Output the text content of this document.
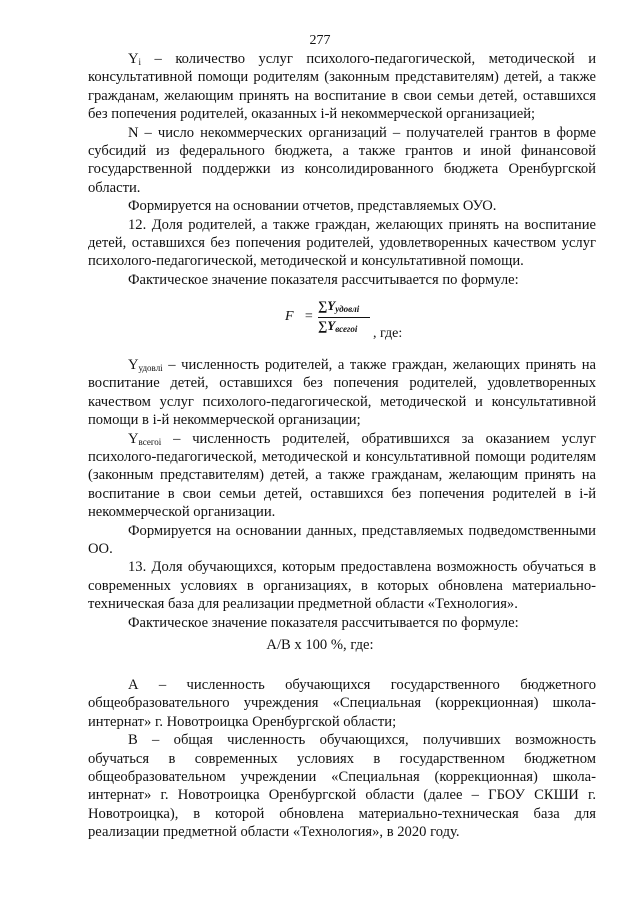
277

$Y_i$ – количество услуг психолого-педагогической, методической и консультативной помощи родителям (законным представителям) детей, а также гражданам, желающим принять на воспитание в свои семьи детей, оставшихся без попечения родителей, оказанных i-й некоммерческой организацией;

N – число некоммерческих организаций – получателей грантов в форме субсидий из федерального бюджета, а также грантов и иной финансовой государственной поддержки из консолидированного бюджета Оренбургской области.

Формируется на основании отчетов, представляемых ОУО.

12. Доля родителей, а также граждан, желающих принять на воспитание детей, оставшихся без попечения родителей, удовлетворенных качеством услуг психолого-педагогической, методической и консультативной помощи.

Фактическое значение показателя рассчитывается по формуле:

F =
$\sum Y_{удовлi}$
$\sum Y_{всегоi}$ , где:

$Y_{удовлi}$ – численность родителей, а также граждан, желающих принять на воспитание детей, оставшихся без попечения родителей, удовлетворенных качеством услуг психолого-педагогической, методической и консультативной помощи в i-й некоммерческой организации;

$Y_{всегоi}$ – численность родителей, обратившихся за оказанием услуг психолого-педагогической, методической и консультативной помощи родителям (законным представителям) детей, а также гражданам, желающим принять на воспитание в свои семьи детей, оставшихся без попечения родителей в i-й некоммерческой организации.

Формируется на основании данных, представляемых подведомственными ОО.

13. Доля обучающихся, которым предоставлена возможность обучаться в современных условиях в организациях, в которых обновлена материально-техническая база для реализации предметной области «Технология».

Фактическое значение показателя рассчитывается по формуле:

А/В х 100 %, где:

А – численность обучающихся государственного бюджетного общеобразовательного учреждения «Специальная (коррекционная) школа-интернат» г. Новотроицка Оренбургской области;

В – общая численность обучающихся, получивших возможность обучаться в современных условиях в государственном бюджетном общеобразовательном учреждении «Специальная (коррекционная) школа-интернат» г. Новотроицка Оренбургской области (далее – ГБОУ СКШИ г. Новотроицка), в которой обновлена материально-техническая база для реализации предметной области «Технология», в 2020 году.
